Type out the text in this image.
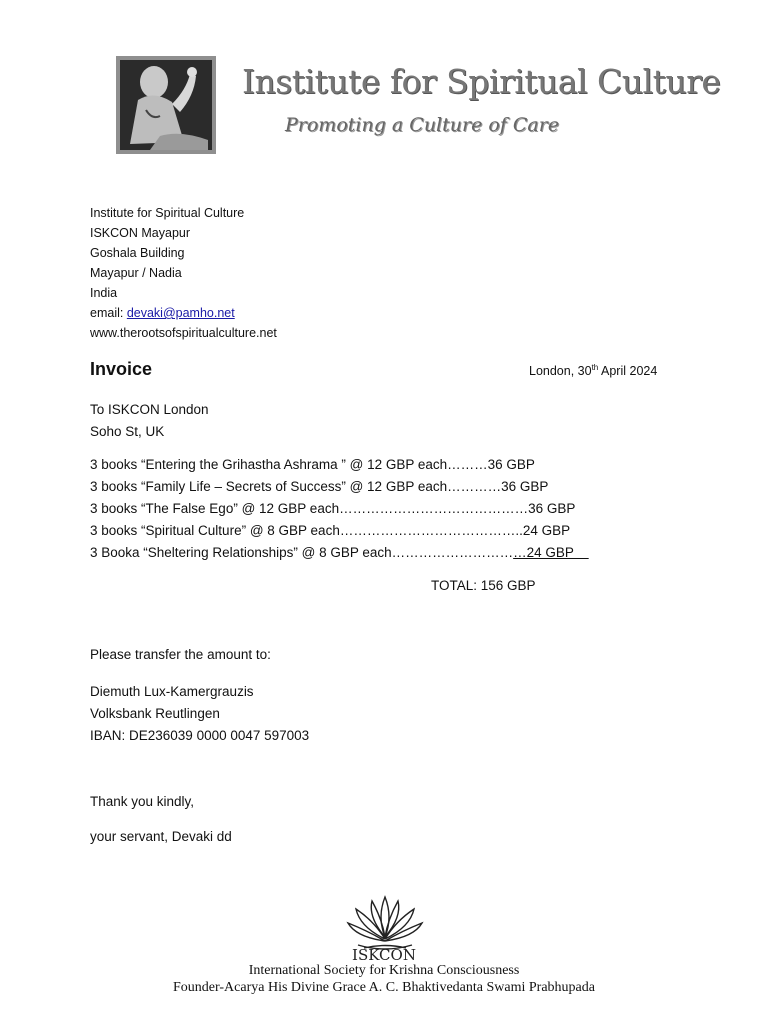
Institute for Spiritual Culture
Promoting a Culture of Care
Institute for Spiritual Culture
ISKCON Mayapur
Goshala Building
Mayapur / Nadia
India
email: devaki@pamho.net
www.therootsofspiritualculture.net
Invoice	London, 30th April 2024
To ISKCON London
Soho St, UK
3 books “Entering the Grihastha Ashrama ” @ 12 GBP each………36 GBP
3 books “Family Life – Secrets of Success” @ 12 GBP each…………36 GBP
3 books “The False Ego” @ 12 GBP each……………………………………36 GBP
3 books “Spiritual Culture” @ 8 GBP each…………………………………..24 GBP
3 Booka “Sheltering Relationships” @ 8 GBP each…………………………24 GBP
TOTAL: 156 GBP
Please transfer the amount to:
Diemuth Lux-Kamergrauzis
Volksbank Reutlingen
IBAN: DE236039 0000 0047 597003
Thank you kindly,
your servant, Devaki dd
ISKCON
International Society for Krishna Consciousness
Founder-Acarya His Divine Grace A. C. Bhaktivedanta Swami Prabhupada
